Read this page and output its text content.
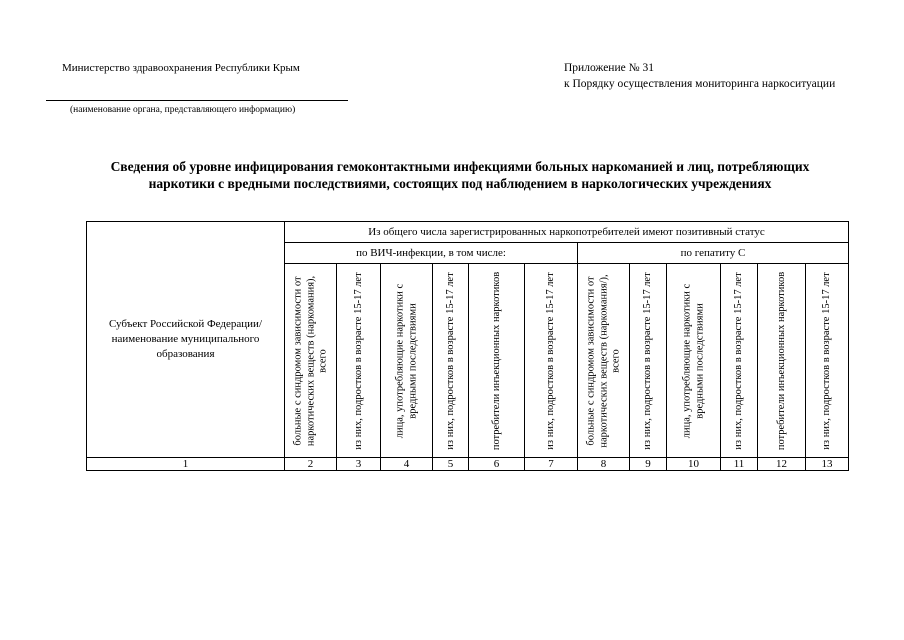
Министерство здравоохранения Республики Крым
(наименование органа, представляющего информацию)
Приложение № 31
к Порядку осуществления мониторинга наркоситуации
Сведения об уровне инфицирования гемоконтактными инфекциями больных наркоманией и лиц, потребляющих
наркотики с вредными последствиями, состоящих под наблюдением в наркологических учреждениях
Субъект Российской Федерации/ наименование муниципального образования	Из общего числа зарегистрированных наркопотребителей имеют позитивный статус											
	по ВИЧ-инфекции, в том числе:						по гепатиту С					

	больные с синдромом зависимости от наркотических веществ (наркомания), всего	из них, подростков в возрасте 15-17 лет	лица, употребляющие наркотики с вредными последствиями	из них, подростков в возрасте 15-17 лет	потребители инъекционных наркотиков	из них, подростков в возрасте 15-17 лет	больные с синдромом зависимости от наркотических веществ (наркомания/), всего	из них, подростков в возрасте 15-17 лет	лица, употребляющие наркотики с вредными последствиями	из них, подростков в возрасте 15-17 лет	потребители инъекционных наркотиков	из них, подростков в возрасте 15-17 лет

1	2	3	4	5	6	7	8	9	10	11	12	13
